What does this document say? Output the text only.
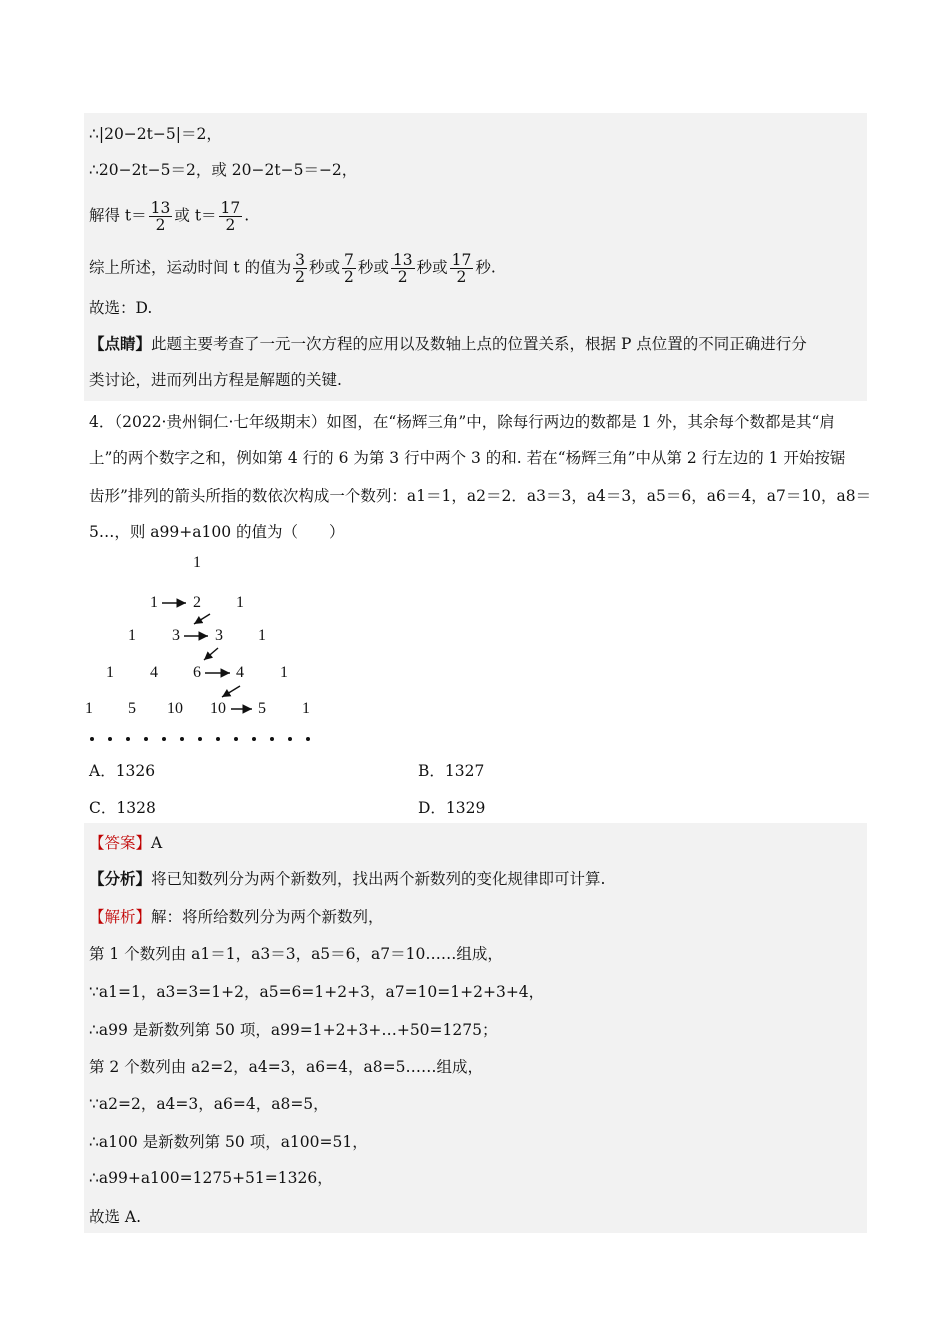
∴|20−2t−5|＝2，
∴20−2t−5＝2，或 20−2t−5＝−2，
解得 $t= \frac{13}{2}$ 或 $t= \frac{17}{2}$ .
综上所述，运动时间 t 的值为 $\frac{3}{2}$ 秒或 $\frac{7}{2}$ 秒或 $\frac{13}{2}$ 秒或 $\frac{17}{2}$ 秒.
故选：D.
【点睛】此题主要考查了一元一次方程的应用以及数轴上点的位置关系，根据 P 点位置的不同正确进行分
类讨论，进而列出方程是解题的关键.
4．（2022·贵州铜仁·七年级期末）如图，在“杨辉三角”中，除每行两边的数都是 1 外，其余每个数都是其“肩
上”的两个数字之和，例如第 4 行的 6 为第 3 行中两个 3 的和. 若在“杨辉三角”中从第 2 行左边的 1 开始按锯
齿形”排列的箭头所指的数依次构成一个数列：a1＝1，a2＝2．a3＝3，a4＝3，a5＝6，a6＝4，a7＝10，a8＝
5…，则 a99+a100 的值为（　　）
1
1 2 1
1 3 3 1
1 4 6 4 1
1 5 10 10 5 1
A．1326	B．1327
C．1328	D．1329
【答案】A
【分析】将已知数列分为两个新数列，找出两个新数列的变化规律即可计算.
【解析】解：将所给数列分为两个新数列，
第 1 个数列由 a1＝1，a3＝3，a5＝6，a7＝10……组成，
∵a1=1，a3=3=1+2，a5=6=1+2+3，a7=10=1+2+3+4，
∴a99 是新数列第 50 项，a99=1+2+3+…+50=1275；
第 2 个数列由 a2=2，a4=3，a6=4，a8=5……组成，
∵a2=2，a4=3，a6=4，a8=5，
∴a100 是新数列第 50 项，a100=51，
∴a99+a100=1275+51=1326，
故选 A.
